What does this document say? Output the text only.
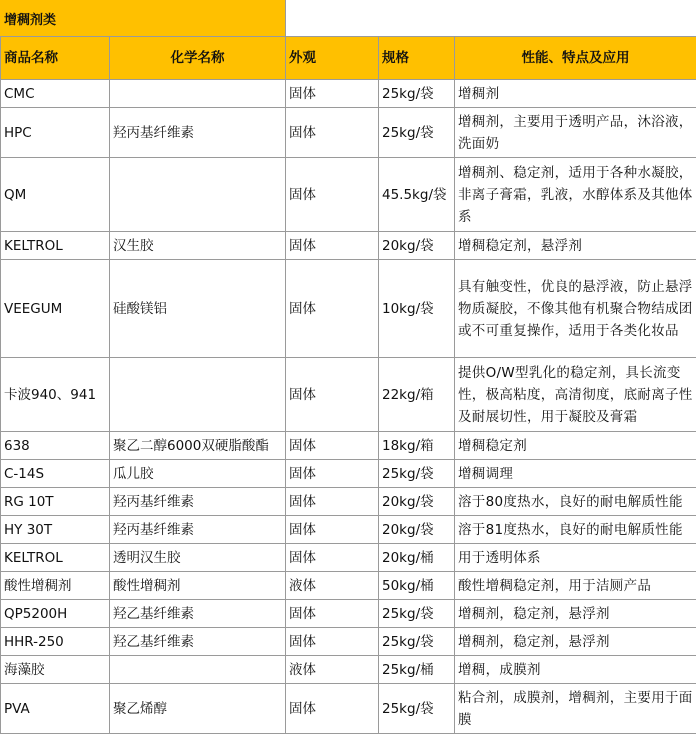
增稠剂类
商品名称	化学名称	外观	规格	性能、特点及应用
CMC		固体	25kg/袋	增稠剂
HPC	羟丙基纤维素	固体	25kg/袋	增稠剂，主要用于透明产品，沐浴液，洗面奶
QM		固体	45.5kg/袋	增稠剂、稳定剂，适用于各种水凝胶，非离子膏霜，乳液，水醇体系及其他体系
KELTROL	汉生胶	固体	20kg/袋	增稠稳定剂，悬浮剂
VEEGUM	硅酸镁铝	固体	10kg/袋	具有触变性，优良的悬浮液，防止悬浮物质凝胶，不像其他有机聚合物结成团或不可重复操作，适用于各类化妆品
卡波940、941		固体	22kg/箱	提供O/W型乳化的稳定剂，具长流变性，极高粘度，高清彻度，底耐离子性及耐展切性，用于凝胶及膏霜
638	聚乙二醇6000双硬脂酸酯	固体	18kg/箱	增稠稳定剂
C-14S	瓜儿胶	固体	25kg/袋	增稠调理
RG 10T	羟丙基纤维素	固体	20kg/袋	溶于80度热水，良好的耐电解质性能
HY 30T	羟丙基纤维素	固体	20kg/袋	溶于81度热水，良好的耐电解质性能
KELTROL	透明汉生胶	固体	20kg/桶	用于透明体系
酸性增稠剂	酸性增稠剂	液体	50kg/桶	酸性增稠稳定剂，用于洁厕产品
QP5200H	羟乙基纤维素	固体	25kg/袋	增稠剂，稳定剂，悬浮剂
HHR-250	羟乙基纤维素	固体	25kg/袋	增稠剂，稳定剂，悬浮剂
海藻胶		液体	25kg/桶	增稠，成膜剂
PVA	聚乙烯醇	固体	25kg/袋	粘合剂，成膜剂，增稠剂，主要用于面膜
